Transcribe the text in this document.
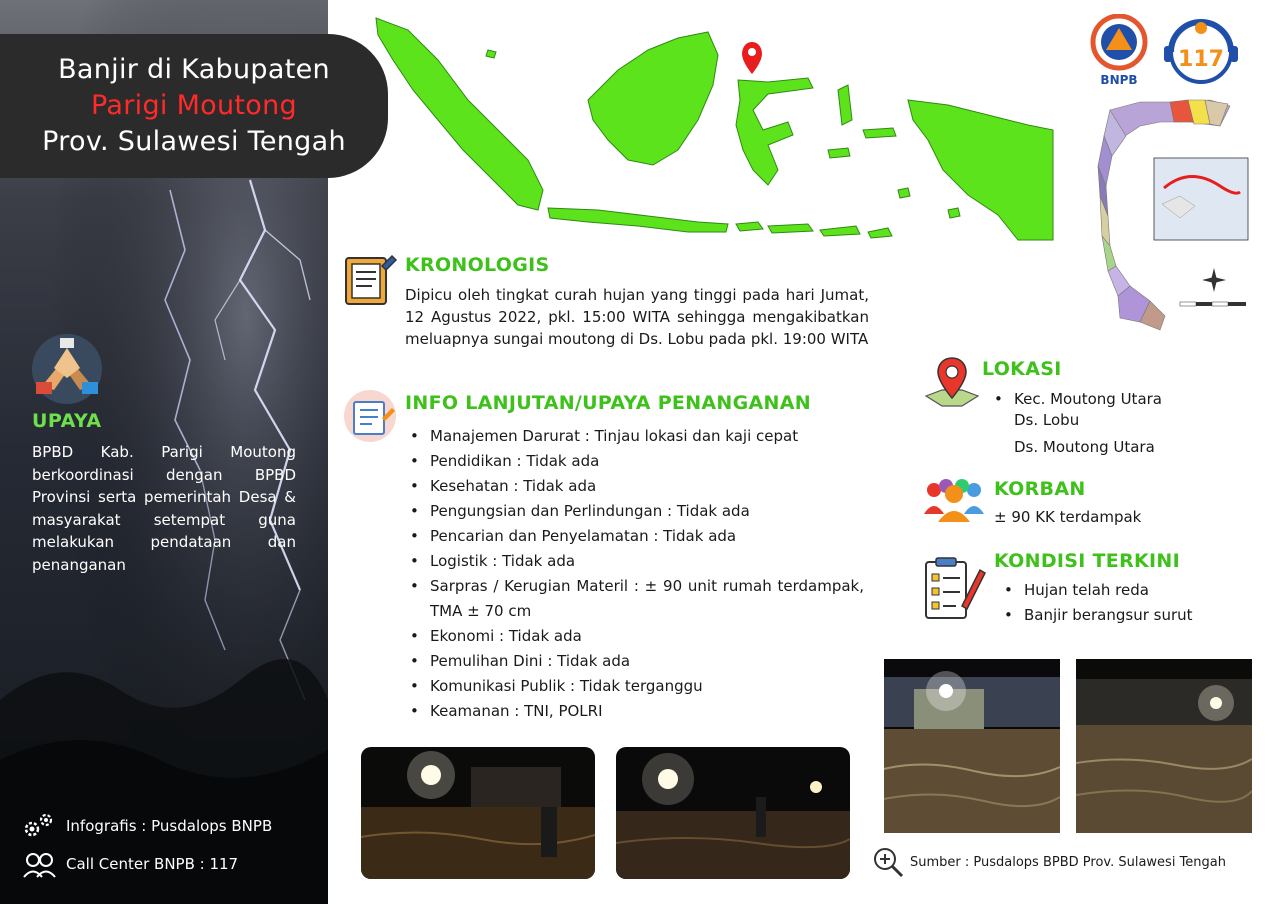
Banjir di Kabupaten
Parigi Moutong
Prov. Sulawesi Tengah
UPAYA
BPBD Kab. Parigi Moutong berkoordinasi dengan BPBD Provinsi serta pemerintah Desa & masyarakat setempat guna melakukan pendataan dan penanganan
Infografis : Pusdalops BNPB
Call Center BNPB : 117
BNPB
117
KRONOLOGIS
Dipicu oleh tingkat curah hujan yang tinggi pada hari Jumat, 12 Agustus 2022, pkl. 15:00 WITA sehingga mengakibatkan meluapnya sungai moutong di Ds. Lobu pada pkl. 19:00 WITA
INFO LANJUTAN/UPAYA PENANGANAN
• Manajemen Darurat : Tinjau lokasi dan kaji cepat
• Pendidikan : Tidak ada
• Kesehatan : Tidak ada
• Pengungsian dan Perlindungan : Tidak ada
• Pencarian dan Penyelamatan : Tidak ada
• Logistik : Tidak ada
• Sarpras / Kerugian Materil : ± 90 unit rumah terdampak, TMA ± 70 cm
• Ekonomi : Tidak ada
• Pemulihan Dini : Tidak ada
• Komunikasi Publik : Tidak terganggu
• Keamanan : TNI, POLRI
LOKASI
• Kec. Moutong Utara
Ds. Lobu
Ds. Moutong Utara
KORBAN
± 90 KK terdampak
KONDISI TERKINI
• Hujan telah reda
• Banjir berangsur surut
Sumber : Pusdalops BPBD Prov. Sulawesi Tengah
